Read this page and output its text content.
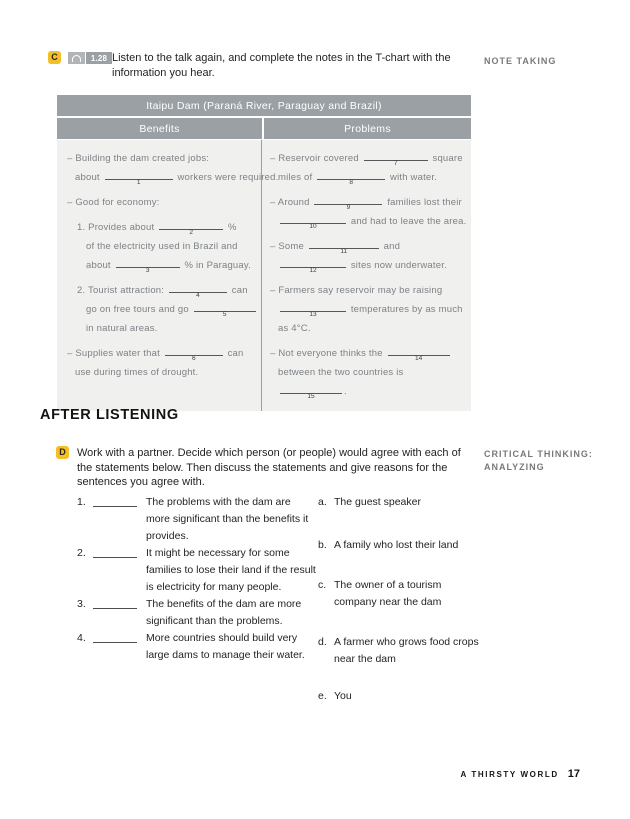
C	1.28 Listen to the talk again, and complete the notes in the T-chart with the information you hear.
NOTE TAKING
Itaipu Dam (Paraná River, Paraguay and Brazil)
Benefits	Problems
– Building the dam created jobs:
about	1	workers were required.
– Good for economy:
1. Provides about	2	%
of the electricity used in Brazil and
about	3	% in Paraguay.
2. Tourist attraction:	4	can
go on free tours and go	5
in natural areas.
– Supplies water that	6	can
use during times of drought.
– Reservoir covered	7	square
miles of	8	with water.
– Around	9	families lost their
10	and had to leave the area.
– Some	11	and
12	sites now underwater.
– Farmers say reservoir may be raising
13	temperatures by as much
as 4°C.
– Not everyone thinks the	14
between the two countries is
15	.
AFTER LISTENING
D Work with a partner. Decide which person (or people) would agree with each of the statements below. Then discuss the statements and give reasons for the sentences you agree with.
CRITICAL THINKING:
ANALYZING
1.	The problems with the dam are more significant than the benefits it provides.
2.	It might be necessary for some families to lose their land if the result is electricity for many people.
3.	The benefits of the dam are more significant than the problems.
4.	More countries should build very large dams to manage their water.
a. The guest speaker
b. A family who lost their land
c. The owner of a tourism company near the dam
d. A farmer who grows food crops near the dam
e. You
A THIRSTY WORLD 17
